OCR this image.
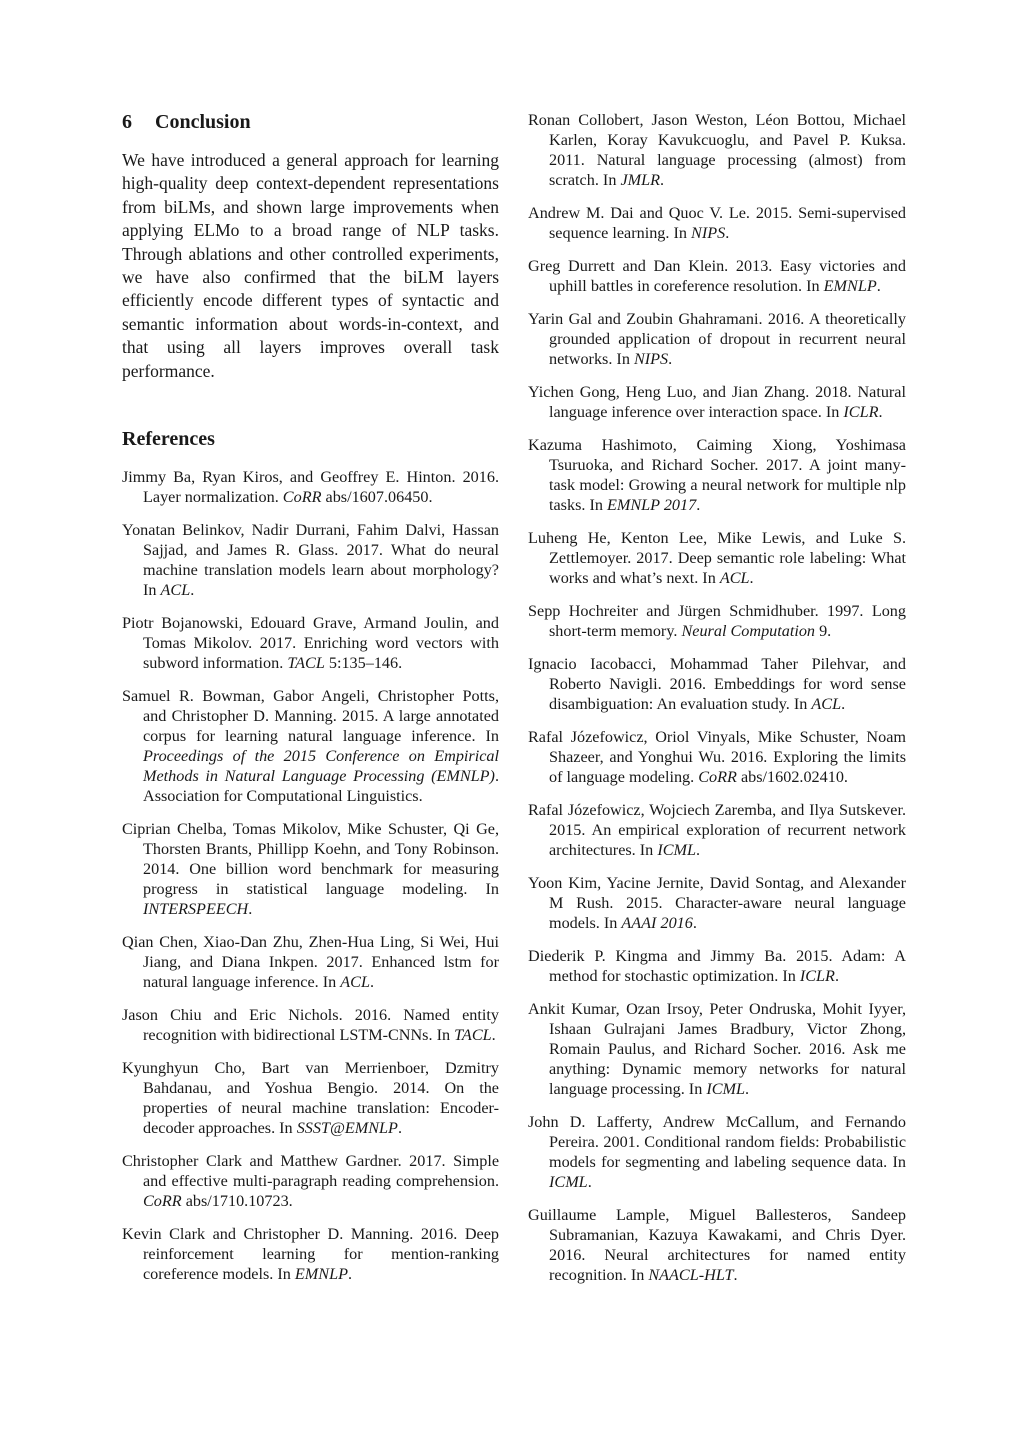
6 Conclusion

We have introduced a general approach for learning high-quality deep context-dependent representations from biLMs, and shown large improvements when applying ELMo to a broad range of NLP tasks. Through ablations and other controlled experiments, we have also confirmed that the biLM layers efficiently encode different types of syntactic and semantic information about words-in-context, and that using all layers improves overall task performance.

References
Jimmy Ba, Ryan Kiros, and Geoffrey E. Hinton. 2016. Layer normalization. CoRR abs/1607.06450.
Yonatan Belinkov, Nadir Durrani, Fahim Dalvi, Hassan Sajjad, and James R. Glass. 2017. What do neural machine translation models learn about morphology? In ACL.
Piotr Bojanowski, Edouard Grave, Armand Joulin, and Tomas Mikolov. 2017. Enriching word vectors with subword information. TACL 5:135–146.
Samuel R. Bowman, Gabor Angeli, Christopher Potts, and Christopher D. Manning. 2015. A large annotated corpus for learning natural language inference. In Proceedings of the 2015 Conference on Empirical Methods in Natural Language Processing (EMNLP). Association for Computational Linguistics.
Ciprian Chelba, Tomas Mikolov, Mike Schuster, Qi Ge, Thorsten Brants, Phillipp Koehn, and Tony Robinson. 2014. One billion word benchmark for measuring progress in statistical language modeling. In INTERSPEECH.
Qian Chen, Xiao-Dan Zhu, Zhen-Hua Ling, Si Wei, Hui Jiang, and Diana Inkpen. 2017. Enhanced lstm for natural language inference. In ACL.
Jason Chiu and Eric Nichols. 2016. Named entity recognition with bidirectional LSTM-CNNs. In TACL.
Kyunghyun Cho, Bart van Merrienboer, Dzmitry Bahdanau, and Yoshua Bengio. 2014. On the properties of neural machine translation: Encoder-decoder approaches. In SSST@EMNLP.
Christopher Clark and Matthew Gardner. 2017. Simple and effective multi-paragraph reading comprehension. CoRR abs/1710.10723.
Kevin Clark and Christopher D. Manning. 2016. Deep reinforcement learning for mention-ranking coreference models. In EMNLP.
Ronan Collobert, Jason Weston, Léon Bottou, Michael Karlen, Koray Kavukcuoglu, and Pavel P. Kuksa. 2011. Natural language processing (almost) from scratch. In JMLR.
Andrew M. Dai and Quoc V. Le. 2015. Semi-supervised sequence learning. In NIPS.
Greg Durrett and Dan Klein. 2013. Easy victories and uphill battles in coreference resolution. In EMNLP.
Yarin Gal and Zoubin Ghahramani. 2016. A theoretically grounded application of dropout in recurrent neural networks. In NIPS.
Yichen Gong, Heng Luo, and Jian Zhang. 2018. Natural language inference over interaction space. In ICLR.
Kazuma Hashimoto, Caiming Xiong, Yoshimasa Tsuruoka, and Richard Socher. 2017. A joint many-task model: Growing a neural network for multiple nlp tasks. In EMNLP 2017.
Luheng He, Kenton Lee, Mike Lewis, and Luke S. Zettlemoyer. 2017. Deep semantic role labeling: What works and what’s next. In ACL.
Sepp Hochreiter and Jürgen Schmidhuber. 1997. Long short-term memory. Neural Computation 9.
Ignacio Iacobacci, Mohammad Taher Pilehvar, and Roberto Navigli. 2016. Embeddings for word sense disambiguation: An evaluation study. In ACL.
Rafal Józefowicz, Oriol Vinyals, Mike Schuster, Noam Shazeer, and Yonghui Wu. 2016. Exploring the limits of language modeling. CoRR abs/1602.02410.
Rafal Józefowicz, Wojciech Zaremba, and Ilya Sutskever. 2015. An empirical exploration of recurrent network architectures. In ICML.
Yoon Kim, Yacine Jernite, David Sontag, and Alexander M Rush. 2015. Character-aware neural language models. In AAAI 2016.
Diederik P. Kingma and Jimmy Ba. 2015. Adam: A method for stochastic optimization. In ICLR.
Ankit Kumar, Ozan Irsoy, Peter Ondruska, Mohit Iyyer, Ishaan Gulrajani James Bradbury, Victor Zhong, Romain Paulus, and Richard Socher. 2016. Ask me anything: Dynamic memory networks for natural language processing. In ICML.
John D. Lafferty, Andrew McCallum, and Fernando Pereira. 2001. Conditional random fields: Probabilistic models for segmenting and labeling sequence data. In ICML.
Guillaume Lample, Miguel Ballesteros, Sandeep Subramanian, Kazuya Kawakami, and Chris Dyer. 2016. Neural architectures for named entity recognition. In NAACL-HLT.
